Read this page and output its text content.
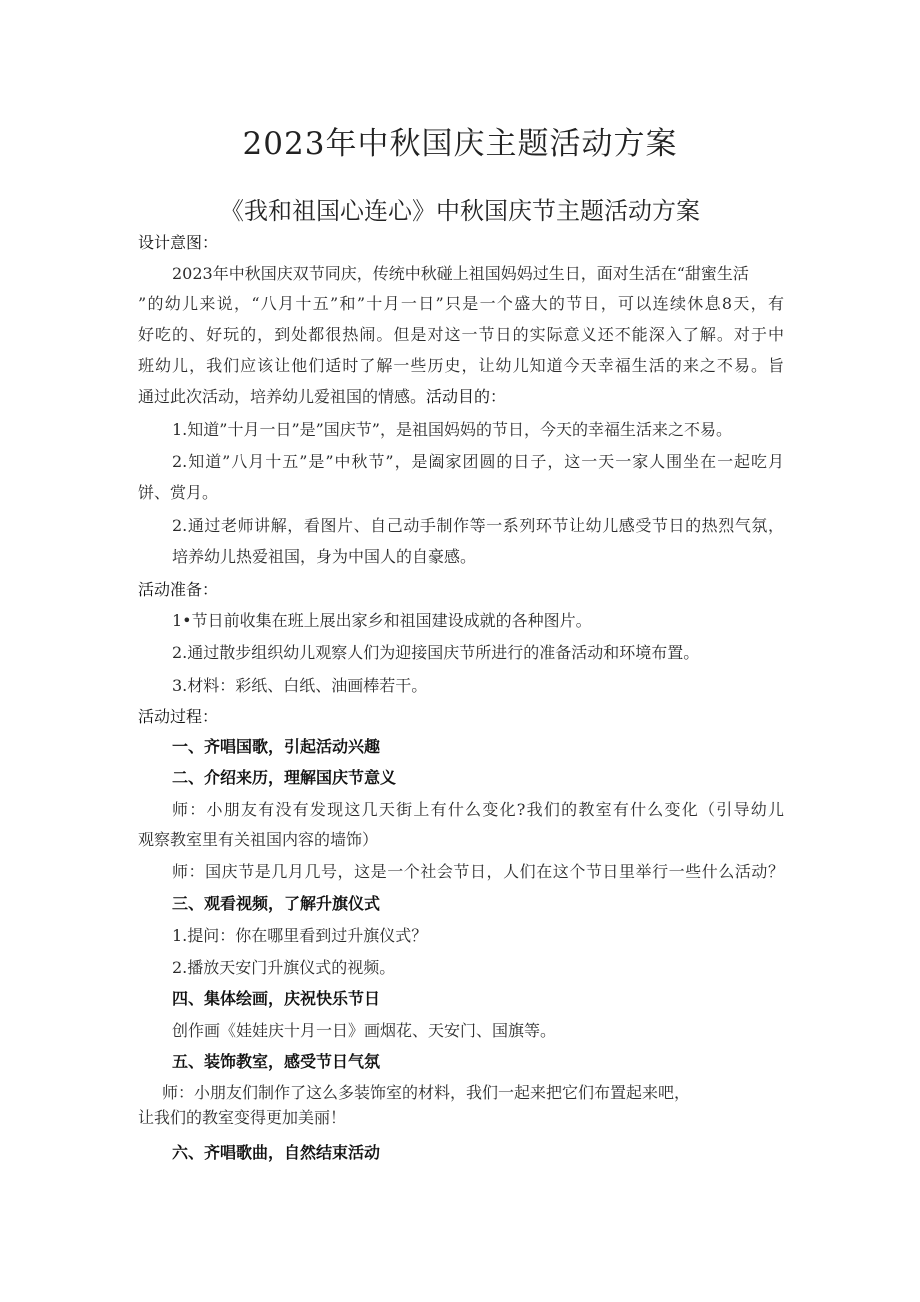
2023年中秋国庆主题活动方案
《我和祖国心连心》中秋国庆节主题活动方案
设计意图：
2023年中秋国庆双节同庆，传统中秋碰上祖国妈妈过生日，面对生活在“甜蜜生活
”的幼儿来说，“八月十五”和”十月一日”只是一个盛大的节日，可以连续休息8天，有
好吃的、好玩的，到处都很热闹。但是对这一节日的实际意义还不能深入了解。对于中
班幼儿，我们应该让他们适时了解一些历史，让幼儿知道今天幸福生活的来之不易。旨
通过此次活动，培养幼儿爱祖国的情感。活动目的：
1.知道”十月一日”是”国庆节”，是祖国妈妈的节日，今天的幸福生活来之不易。
2.知道”八月十五”是”中秋节”，是阖家团圆的日子，这一天一家人围坐在一起吃月
饼、赏月。
2.通过老师讲解，看图片、自己动手制作等一系列环节让幼儿感受节日的热烈气氛，
培养幼儿热爱祖国，身为中国人的自豪感。
活动准备：
1•节日前收集在班上展出家乡和祖国建设成就的各种图片。
2.通过散步组织幼儿观察人们为迎接国庆节所进行的准备活动和环境布置。
3.材料：彩纸、白纸、油画棒若干。
活动过程：
一、齐唱国歌，引起活动兴趣
二、介绍来历，理解国庆节意义
师：小朋友有没有发现这几天街上有什么变化?我们的教室有什么变化（引导幼儿
观察教室里有关祖国内容的墙饰）
师：国庆节是几月几号，这是一个社会节日，人们在这个节日里举行一些什么活动？
三、观看视频，了解升旗仪式
1.提问：你在哪里看到过升旗仪式？
2.播放天安门升旗仪式的视频。
四、集体绘画，庆祝快乐节日
创作画《娃娃庆十月一日》画烟花、天安门、国旗等。
五、装饰教室，感受节日气氛
师：小朋友们制作了这么多装饰室的材料，我们一起来把它们布置起来吧，
让我们的教室变得更加美丽！
六、齐唱歌曲，自然结束活动
